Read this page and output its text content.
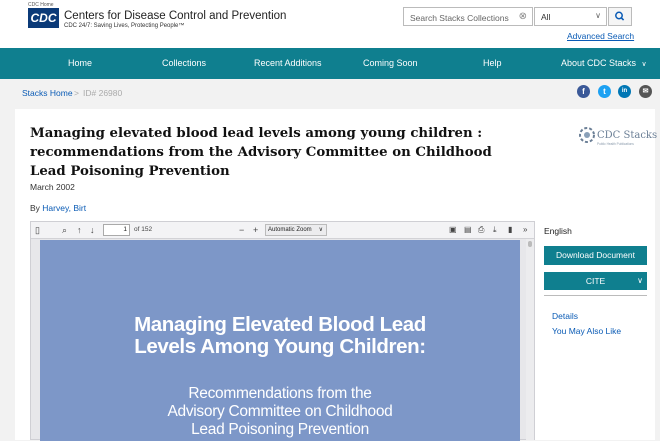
CDC Home
CDC Centers for Disease Control and Prevention
CDC 24/7: Saving Lives, Protecting People™
Search Stacks Collections
⊗	All	∨
Advanced Search
Home	Collections	Recent Additions	Coming Soon	Help	About CDC Stacks ∨
Stacks Home > ID# 26980	f	t	in	✉
Managing elevated blood lead levels among young children : recommendations from the Advisory Committee on Childhood Lead Poisoning Prevention
March 2002
By Harvey, Birt
CDC Stacks
Public Health Publications
▯ ⌕ ↑ ↓	1	of 152	− +	Automatic Zoom ∨	▣ ▤ ⎙ ⤓ ▮ »
Managing Elevated Blood Lead
Levels Among Young Children:
Recommendations from the
Advisory Committee on Childhood
Lead Poisoning Prevention
English
Download Document
CITE	∨
Details
You May Also Like
